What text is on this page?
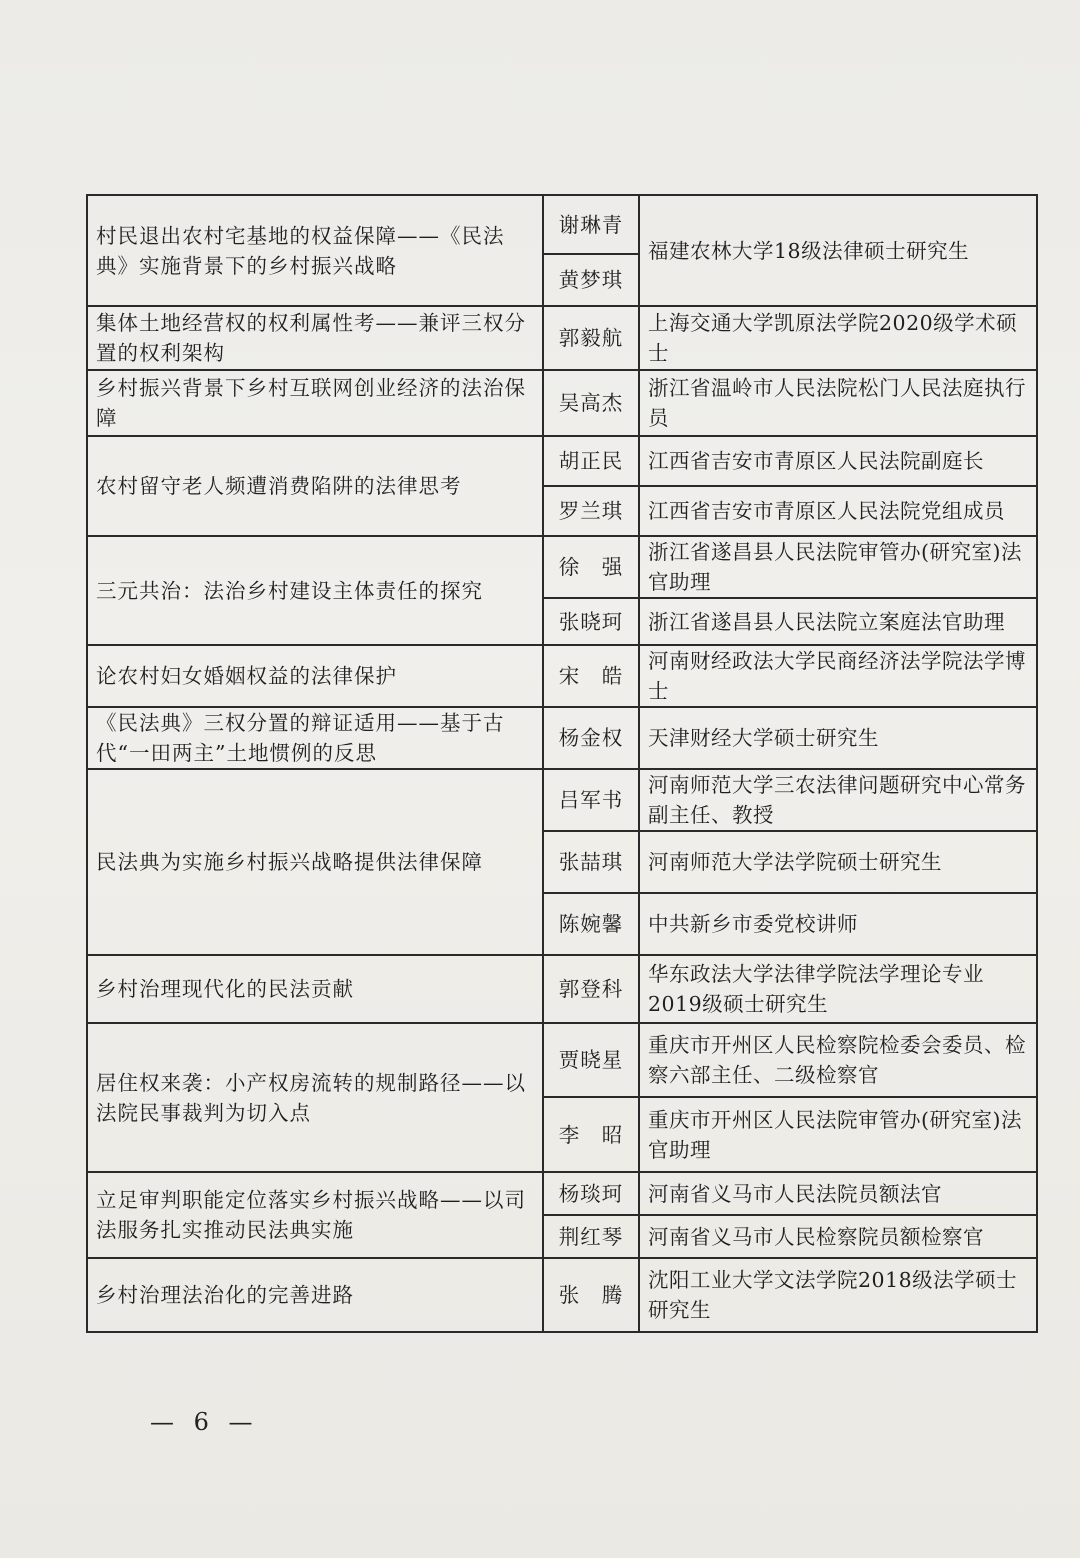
村民退出农村宅基地的权益保障——《民法典》实施背景下的乡村振兴战略	谢琳青	福建农林大学18级法律硕士研究生
	黄梦琪	
集体土地经营权的权利属性考——兼评三权分置的权利架构	郭毅航	上海交通大学凯原法学院2020级学术硕士
乡村振兴背景下乡村互联网创业经济的法治保障	吴高杰	浙江省温岭市人民法院松门人民法庭执行员
农村留守老人频遭消费陷阱的法律思考	胡正民	江西省吉安市青原区人民法院副庭长
	罗兰琪	江西省吉安市青原区人民法院党组成员
三元共治：法治乡村建设主体责任的探究	徐　强	浙江省遂昌县人民法院审管办(研究室)法官助理
	张晓珂	浙江省遂昌县人民法院立案庭法官助理
论农村妇女婚姻权益的法律保护	宋　皓	河南财经政法大学民商经济法学院法学博士
《民法典》三权分置的辩证适用——基于古代“一田两主”土地惯例的反思	杨金权	天津财经大学硕士研究生
民法典为实施乡村振兴战略提供法律保障	吕军书	河南师范大学三农法律问题研究中心常务副主任、教授
	张喆琪	河南师范大学法学院硕士研究生
	陈婉馨	中共新乡市委党校讲师
乡村治理现代化的民法贡献	郭登科	华东政法大学法律学院法学理论专业2019级硕士研究生
居住权来袭：小产权房流转的规制路径——以法院民事裁判为切入点	贾晓星	重庆市开州区人民检察院检委会委员、检察六部主任、二级检察官
	李　昭	重庆市开州区人民法院审管办(研究室)法官助理
立足审判职能定位落实乡村振兴战略——以司法服务扎实推动民法典实施	杨琰珂	河南省义马市人民法院员额法官
	荆红琴	河南省义马市人民检察院员额检察官
乡村治理法治化的完善进路	张　腾	沈阳工业大学文法学院2018级法学硕士研究生
— 6 —
